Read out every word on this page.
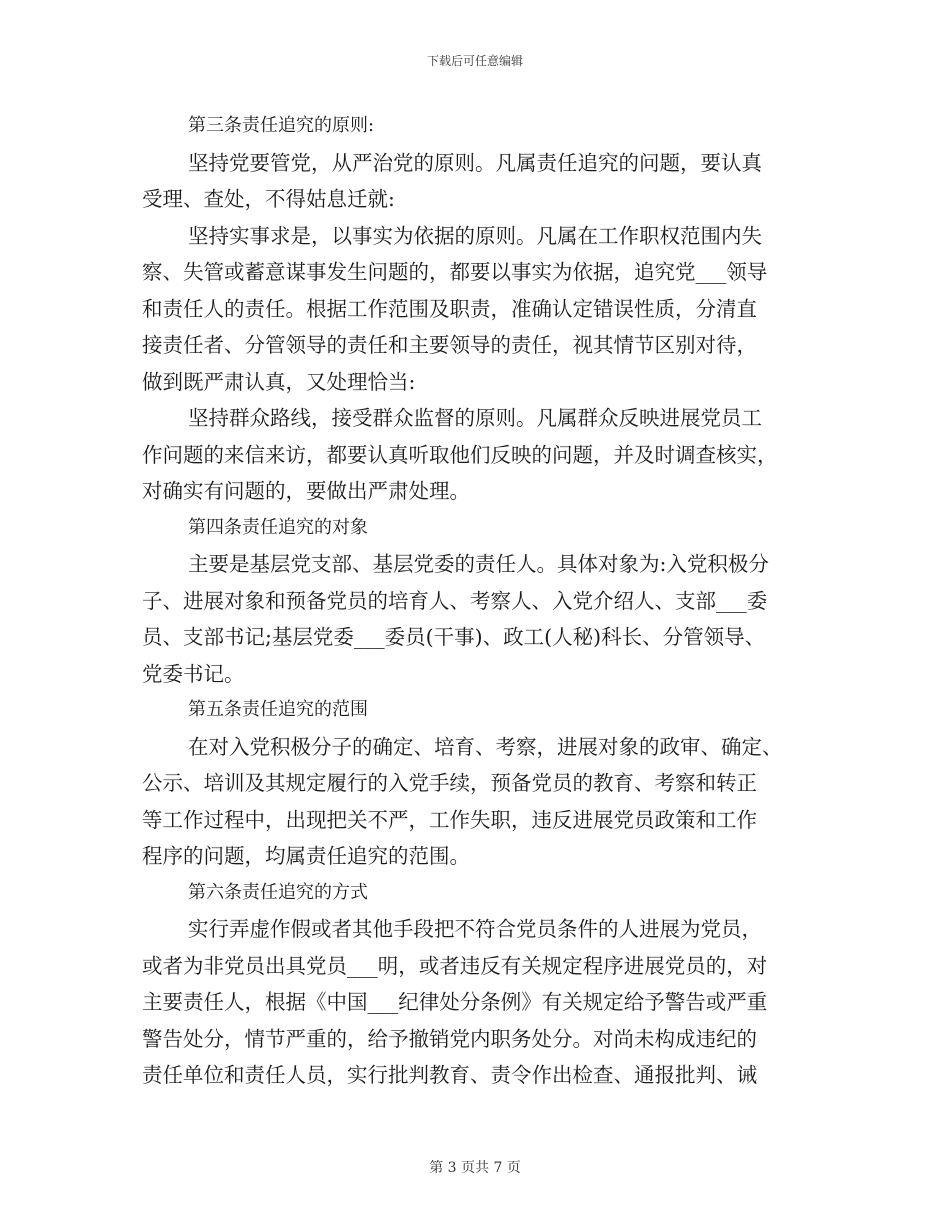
下载后可任意编辑
第三条责任追究的原则:
坚持党要管党，从严治党的原则。凡属责任追究的问题，要认真
受理、查处，不得姑息迁就:
坚持实事求是，以事实为依据的原则。凡属在工作职权范围内失
察、失管或蓄意谋事发生问题的，都要以事实为依据，追究党___领导
和责任人的责任。根据工作范围及职责，准确认定错误性质，分清直
接责任者、分管领导的责任和主要领导的责任，视其情节区别对待，
做到既严肃认真，又处理恰当:
坚持群众路线，接受群众监督的原则。凡属群众反映进展党员工
作问题的来信来访，都要认真听取他们反映的问题，并及时调查核实，
对确实有问题的，要做出严肃处理。
第四条责任追究的对象
主要是基层党支部、基层党委的责任人。具体对象为:入党积极分
子、进展对象和预备党员的培育人、考察人、入党介绍人、支部___委
员、支部书记;基层党委___委员(干事)、政工(人秘)科长、分管领导、
党委书记。
第五条责任追究的范围
在对入党积极分子的确定、培育、考察，进展对象的政审、确定、
公示、培训及其规定履行的入党手续，预备党员的教育、考察和转正
等工作过程中，出现把关不严，工作失职，违反进展党员政策和工作
程序的问题，均属责任追究的范围。
第六条责任追究的方式
实行弄虚作假或者其他手段把不符合党员条件的人进展为党员，
或者为非党员出具党员___明，或者违反有关规定程序进展党员的，对
主要责任人，根据《中国___纪律处分条例》有关规定给予警告或严重
警告处分，情节严重的，给予撤销党内职务处分。对尚未构成违纪的
责任单位和责任人员，实行批判教育、责令作出检查、通报批判、诫
第 3 页共 7 页
